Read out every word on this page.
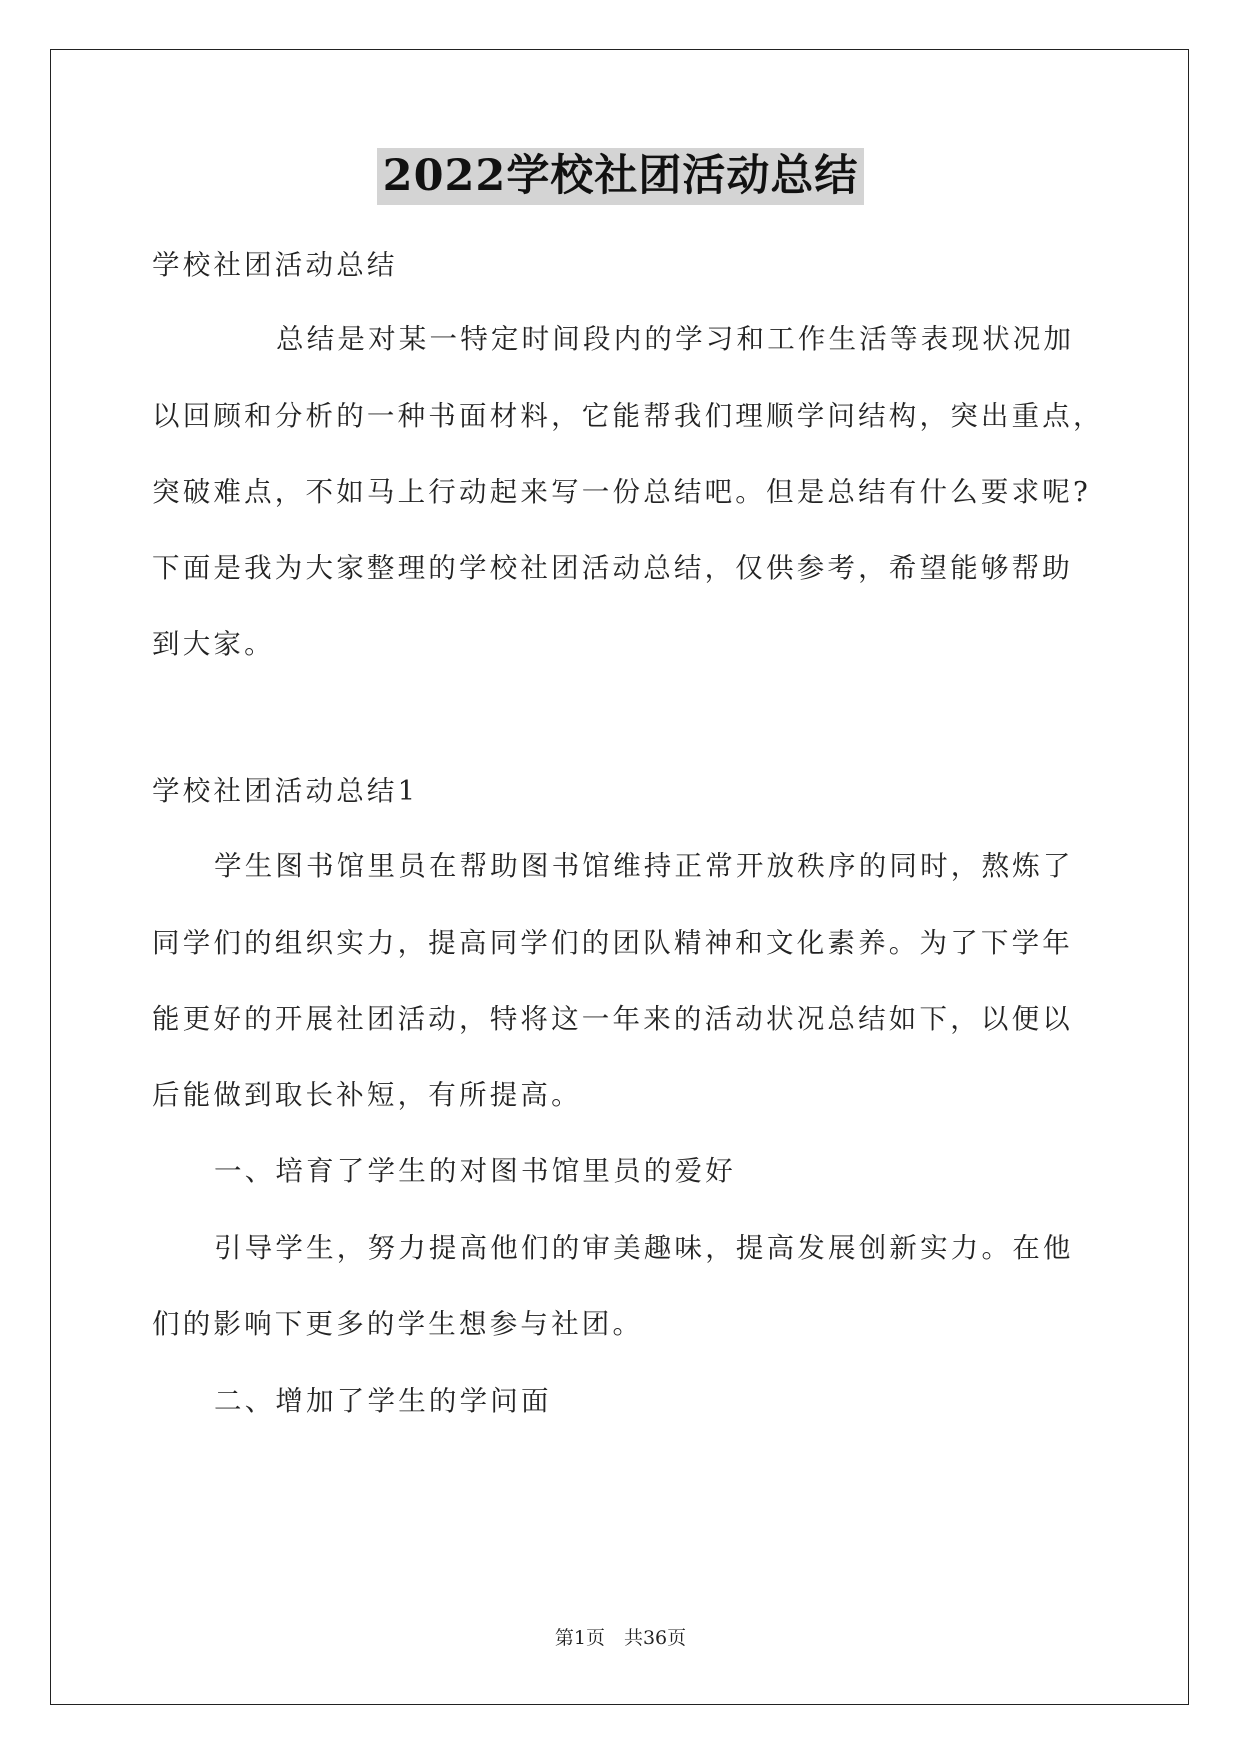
2022学校社团活动总结
学校社团活动总结
总结是对某一特定时间段内的学习和工作生活等表现状况加
以回顾和分析的一种书面材料，它能帮我们理顺学问结构，突出重点，
突破难点，不如马上行动起来写一份总结吧。但是总结有什么要求呢?
下面是我为大家整理的学校社团活动总结，仅供参考，希望能够帮助
到大家。
学校社团活动总结1
学生图书馆里员在帮助图书馆维持正常开放秩序的同时，熬炼了
同学们的组织实力，提高同学们的团队精神和文化素养。为了下学年
能更好的开展社团活动，特将这一年来的活动状况总结如下，以便以
后能做到取长补短，有所提高。
一、培育了学生的对图书馆里员的爱好
引导学生，努力提高他们的审美趣味，提高发展创新实力。在他
们的影响下更多的学生想参与社团。
二、增加了学生的学问面
第1页　共36页
